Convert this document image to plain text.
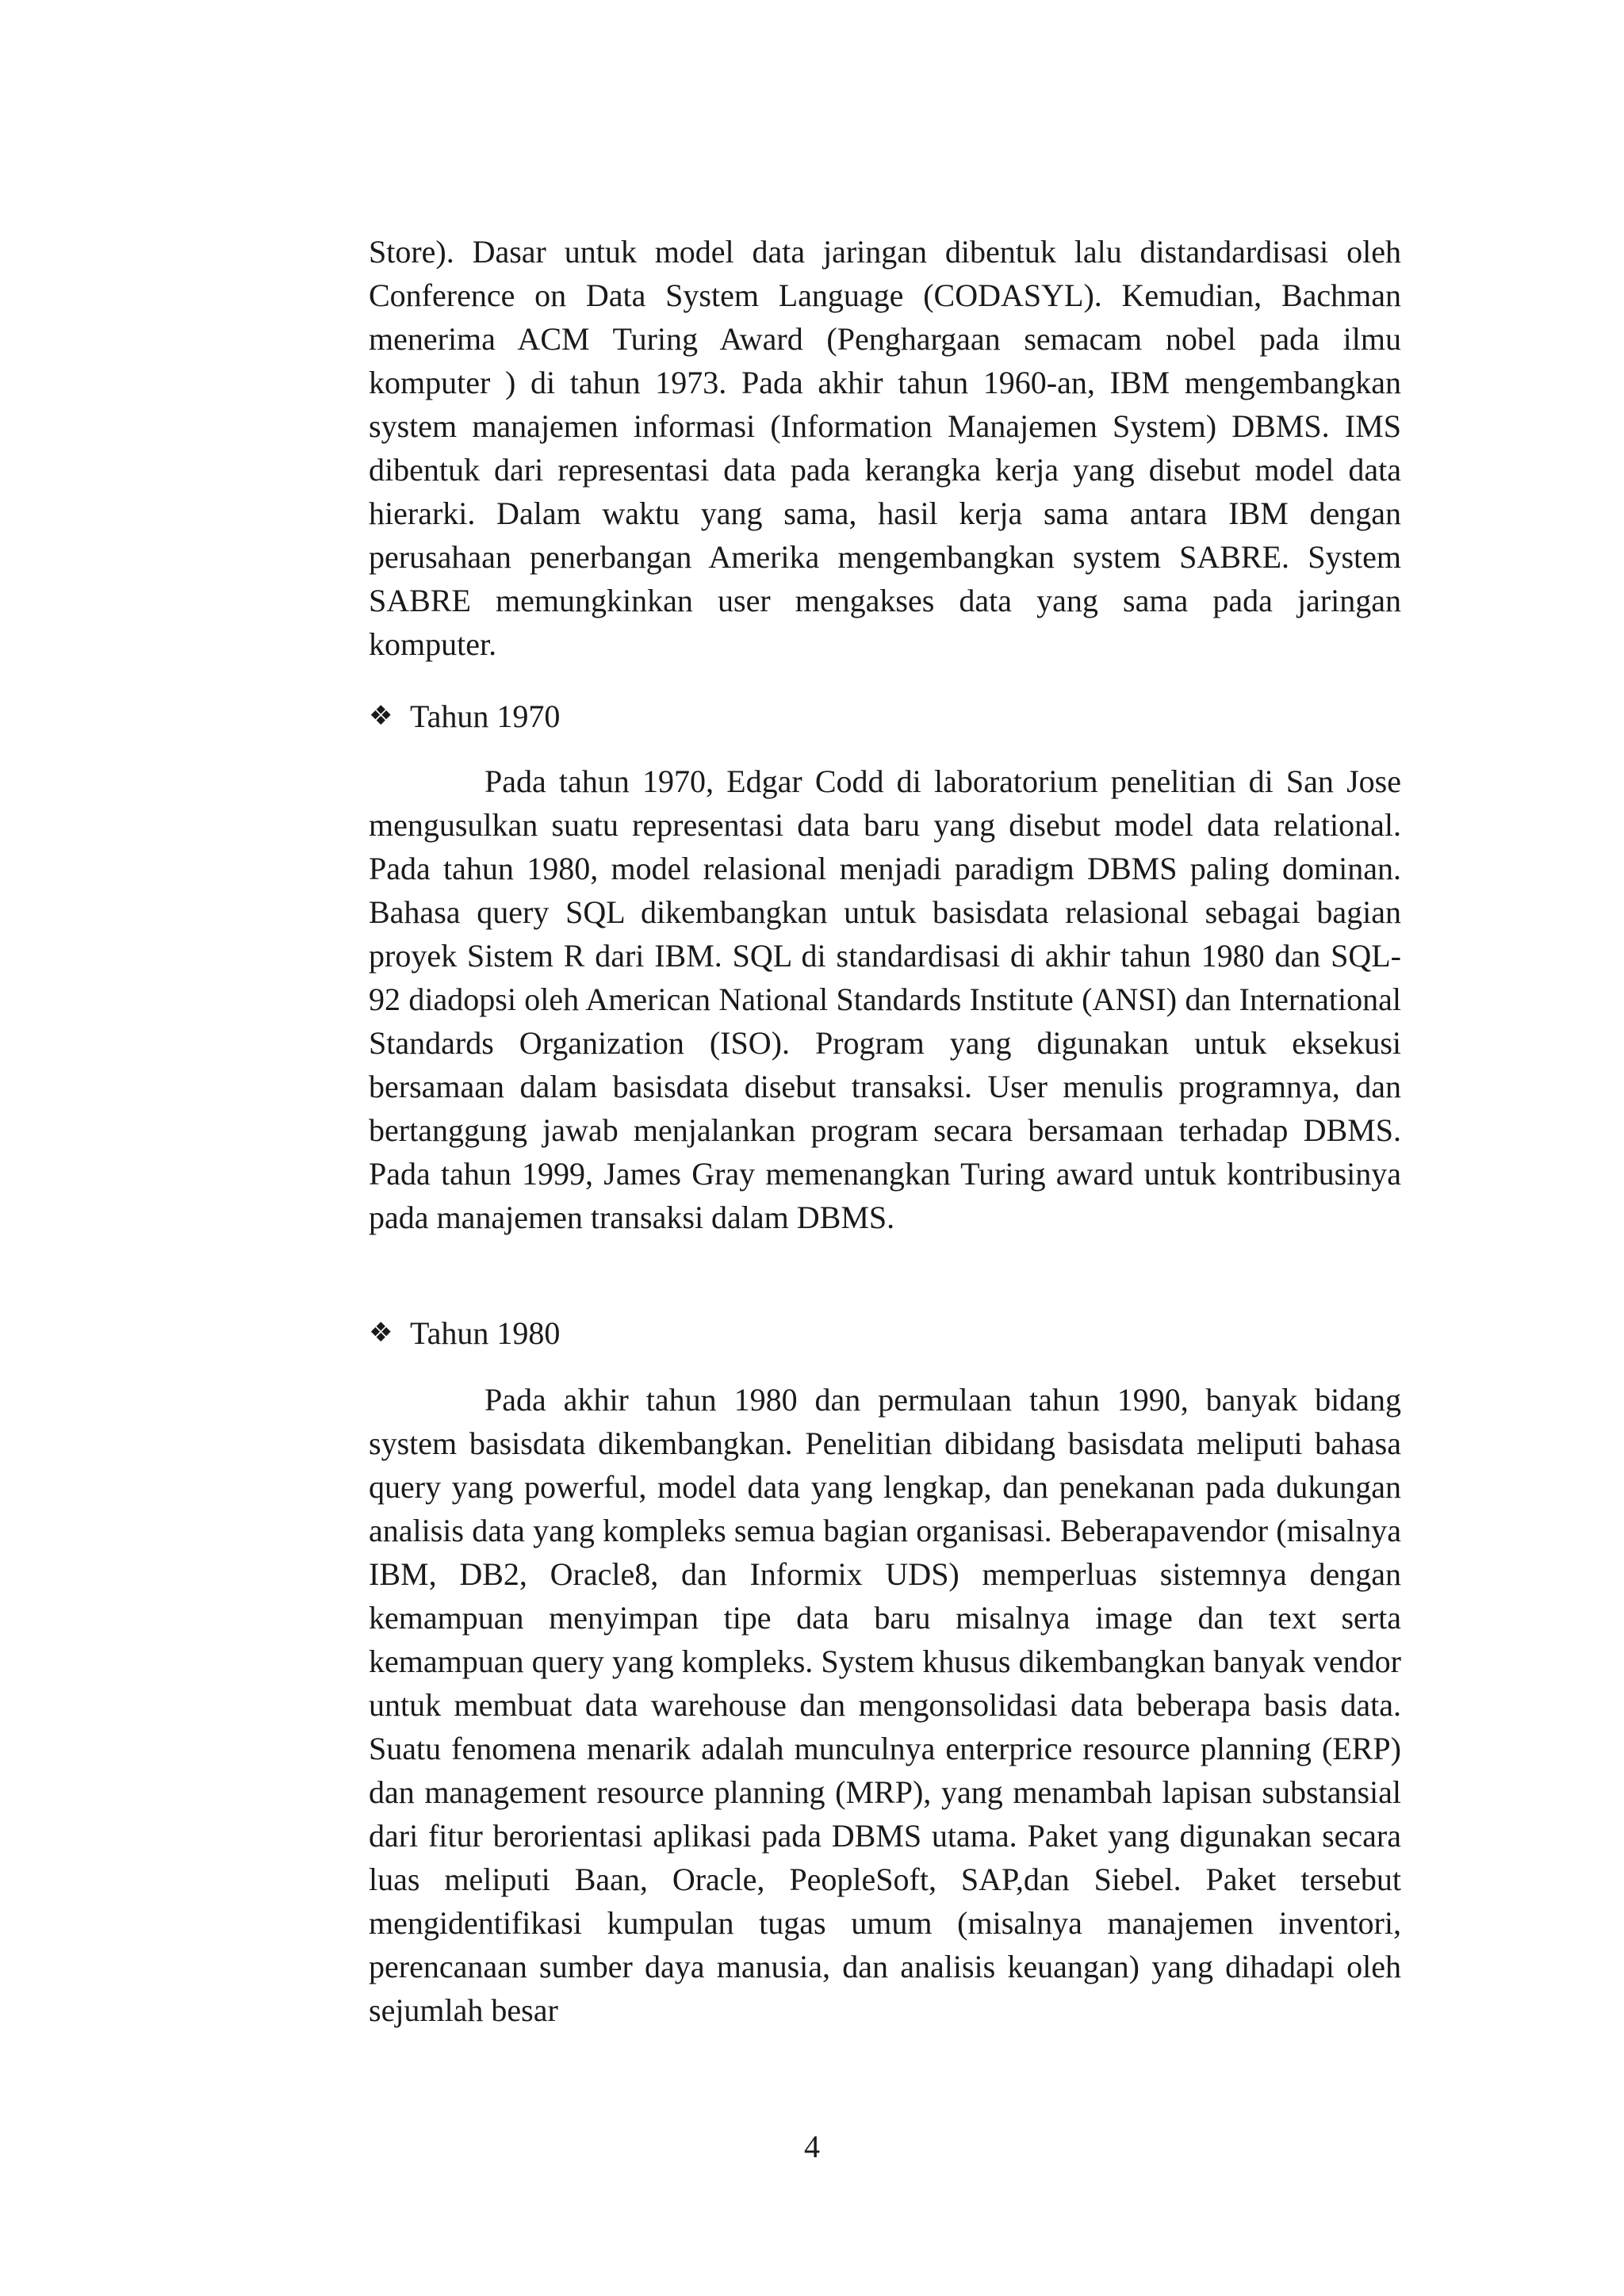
Store). Dasar untuk model data jaringan dibentuk lalu distandardisasi oleh Conference on Data System Language (CODASYL). Kemudian, Bachman menerima ACM Turing Award (Penghargaan semacam nobel pada ilmu komputer ) di tahun 1973. Pada akhir tahun 1960-an, IBM mengembangkan system manajemen informasi (Information Manajemen System) DBMS. IMS dibentuk dari representasi data pada kerangka kerja yang disebut model data hierarki. Dalam waktu yang sama, hasil kerja sama antara IBM dengan perusahaan penerbangan Amerika mengembangkan system SABRE. System SABRE memungkinkan user mengakses data yang sama pada jaringan komputer.

❖ Tahun 1970

Pada tahun 1970, Edgar Codd di laboratorium penelitian di San Jose mengusulkan suatu representasi data baru yang disebut model data relational. Pada tahun 1980, model relasional menjadi paradigm DBMS paling dominan. Bahasa query SQL dikembangkan untuk basisdata relasional sebagai bagian proyek Sistem R dari IBM. SQL di standardisasi di akhir tahun 1980 dan SQL-92 diadopsi oleh American National Standards Institute (ANSI) dan International Standards Organization (ISO). Program yang digunakan untuk eksekusi bersamaan dalam basisdata disebut transaksi. User menulis programnya, dan bertanggung jawab menjalankan program secara bersamaan terhadap DBMS. Pada tahun 1999, James Gray memenangkan Turing award untuk kontribusinya pada manajemen transaksi dalam DBMS.

❖ Tahun 1980

Pada akhir tahun 1980 dan permulaan tahun 1990, banyak bidang system basisdata dikembangkan. Penelitian dibidang basisdata meliputi bahasa query yang powerful, model data yang lengkap, dan penekanan pada dukungan analisis data yang kompleks semua bagian organisasi. Beberapavendor (misalnya IBM, DB2, Oracle8, dan Informix UDS) memperluas sistemnya dengan kemampuan menyimpan tipe data baru misalnya image dan text serta kemampuan query yang kompleks. System khusus dikembangkan banyak vendor untuk membuat data warehouse dan mengonsolidasi data beberapa basis data. Suatu fenomena menarik adalah munculnya enterprice resource planning (ERP) dan management resource planning (MRP), yang menambah lapisan substansial dari fitur berorientasi aplikasi pada DBMS utama. Paket yang digunakan secara luas meliputi Baan, Oracle, PeopleSoft, SAP,dan Siebel. Paket tersebut mengidentifikasi kumpulan tugas umum (misalnya manajemen inventori, perencanaan sumber daya manusia, dan analisis keuangan) yang dihadapi oleh sejumlah besar

4
